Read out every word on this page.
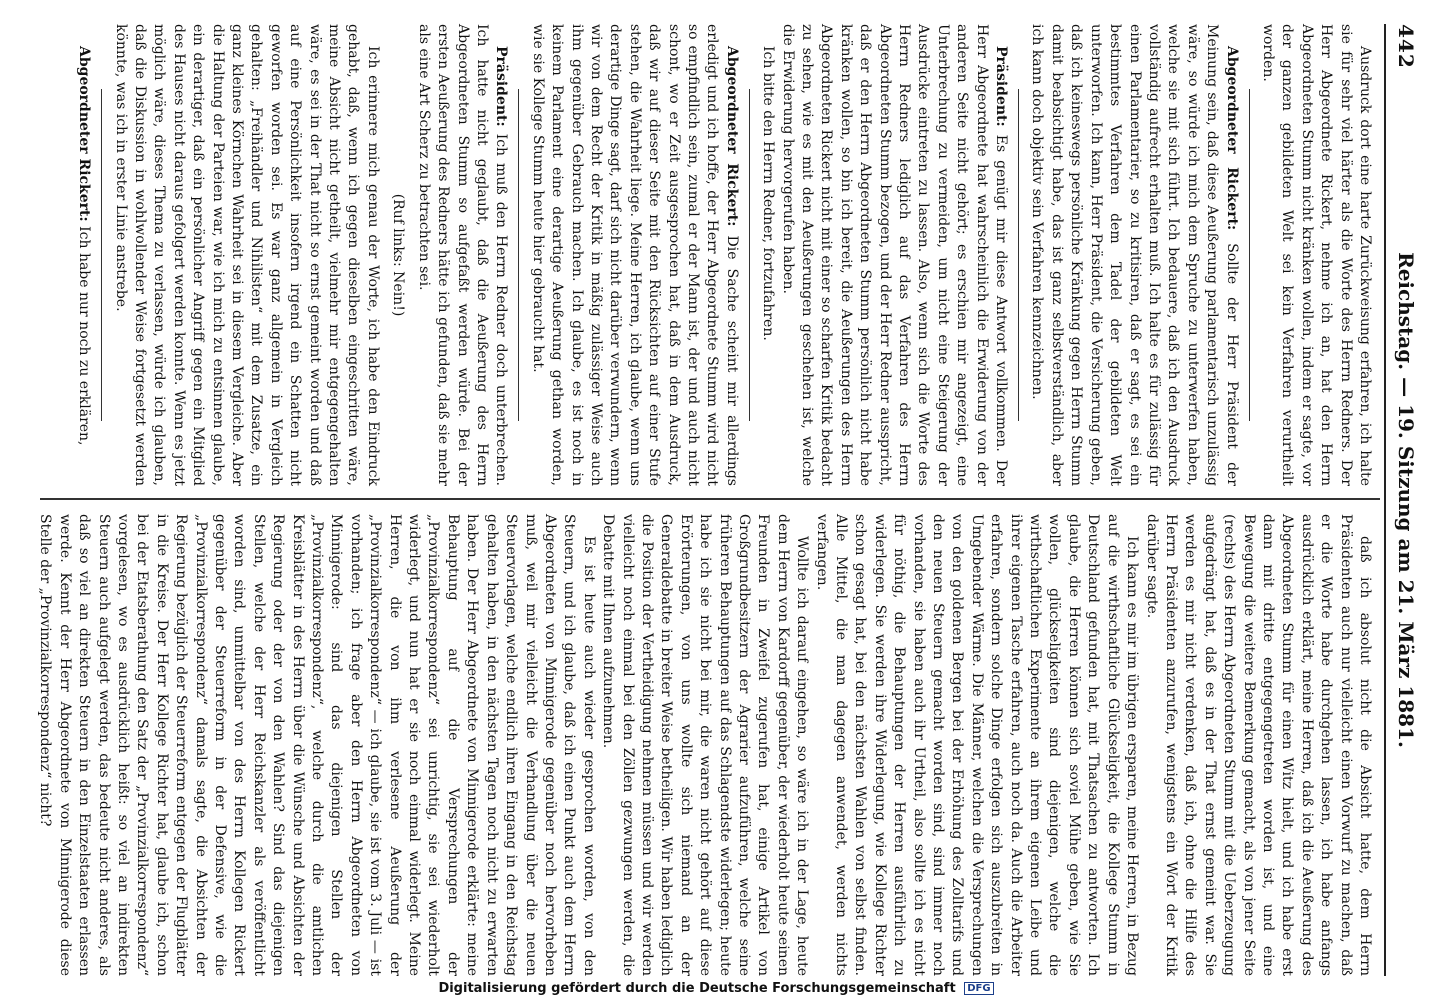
442
Reichstag. — 19. Sitzung am 21. März 1881.

Ausdruck dort eine harte Zurückweisung erfahren, ich halte sie für sehr viel härter als die Worte des Herrn Redners. Der Herr Abgeordnete Rickert, nehme ich an, hat den Herrn Abgeordneten Stumm nicht kränken wollen, indem er sagte, vor der ganzen gebildeten Welt sei kein Verfahren verurtheilt worden.

Abgeordneter Rickert: Sollte der Herr Präsident der Meinung sein, daß diese Aeußerung parlamentarisch unzulässig wäre, so würde ich mich dem Spruche zu unterwerfen haben, welche sie mit sich führt. Ich bedauere, daß ich den Ausdruck vollständig aufrecht erhalten muß. Ich halte es für zulässig für einen Parlamentarier, so zu kritisiren, daß er sagt, es sei ein bestimmtes Verfahren dem Tadel der gebildeten Welt unterworfen. Ich kann, Herr Präsident, die Versicherung geben, daß ich keineswegs persönliche Kränkung gegen Herrn Stumm damit beabsichtigt habe, das ist ganz selbstverständlich, aber ich kann doch objektiv sein Verfahren kennzeichnen.

Präsident: Es genügt mir diese Antwort vollkommen. Der Herr Abgeordnete hat wahrscheinlich die Erwiderung von der anderen Seite nicht gehört; es erschien mir angezeigt, eine Unterbrechung zu vermeiden, um nicht eine Steigerung der Ausdrücke eintreten zu lassen. Also, wenn sich die Worte des Herrn Redners lediglich auf das Verfahren des Herrn Abgeordneten Stumm bezogen, und der Herr Redner ausspricht, daß er den Herrn Abgeordneten Stumm persönlich nicht habe kränken wollen, so bin ich bereit, die Aeußerungen des Herrn Abgeordneten Rickert nicht mit einer so scharfen Kritik bedacht zu sehen, wie es mit den Aeußerungen geschehen ist, welche die Erwiderung hervorgerufen haben.

Ich bitte den Herrn Redner, fortzufahren.

Abgeordneter Rickert: Die Sache scheint mir allerdings erledigt und ich hoffe, der Herr Abgeordnete Stumm wird nicht so empfindlich sein, zumal er der Mann ist, der und auch nicht schont, wo er Zeit ausgesprochen hat, daß in dem Ausdruck, daß wir auf dieser Seite mit den Rücksichten auf einer Stufe stehen, die Wahrheit liege. Meine Herren, ich glaube, wenn uns derartige Dinge sagt, darf sich nicht darüber verwundern, wenn wir von dem Recht der Kritik in mäßig zulässiger Weise auch ihm gegenüber Gebrauch machen. Ich glaube, es ist noch in keinem Parlament eine derartige Aeußerung gethan worden, wie sie Kollege Stumm heute hier gebraucht hat.

Präsident: Ich muß den Herrn Redner doch unterbrechen. Ich hatte nicht geglaubt, daß die Aeußerung des Herrn Abgeordneten Stumm so aufgefaßt werden würde. Bei der ersten Aeußerung des Redners hätte ich gefunden, daß sie mehr als eine Art Scherz zu betrachten sei.

(Ruf links: Nein!)

Ich erinnere mich genau der Worte, ich habe den Eindruck gehabt, daß, wenn ich gegen dieselben eingeschritten wäre, meine Absicht nicht getheilt, vielmehr mir entgegengehalten wäre, es sei in der That nicht so ernst gemeint worden und daß auf eine Persönlichkeit insofern irgend ein Schatten nicht geworfen worden sei. Es war ganz allgemein in Vergleich gehalten: „Freihändler und Nihilisten“ mit dem Zusatze, ein ganz kleines Körnchen Wahrheit sei in diesem Vergleiche. Aber die Haltung der Parteien war, wie ich mich zu entsinnen glaube, ein derartiger, daß ein persönlicher Angriff gegen ein Mitglied des Hauses nicht daraus gefolgert werden konnte. Wenn es jetzt möglich wäre, dieses Thema zu verlassen, würde ich glauben, daß die Diskussion in wohlwollender Weise fortgesetzt werden könnte, was ich in erster Linie anstrebe.

Abgeordneter Rickert: Ich habe nur noch zu erklären,

daß ich absolut nicht die Absicht hatte, dem Herrn Präsidenten auch nur vielleicht einen Vorwurf zu machen, daß er die Worte habe durchgehen lassen, ich habe anfangs ausdrücklich erklärt, meine Herren, daß ich die Aeußerung des Abgeordneten Stumm für einen Witz hielt, und ich habe erst dann mit dritte entgegengetreten worden ist, und eine Bewegung die weitere Bemerkung gemacht, als von jener Seite (rechts) des Herrn Abgeordneten Stumm mit die Ueberzeugung aufgedrängt hat, daß es in der That ernst gemeint war. Sie werden es mir nicht verdenken, daß ich, ohne die Hilfe des Herrn Präsidenten anzurufen, wenigstens ein Wort der Kritik darüber sagte.

Ich kann es mir im übrigen ersparen, meine Herren, in Bezug auf die wirthschaftliche Glückseligkeit, die Kollege Stumm in Deutschland gefunden hat, mit Thatsachen zu antworten. Ich glaube, die Herren können sich soviel Mühe geben, wie Sie wollen, glückseligkeiten sind diejenigen, welche die wirthschaftlichen Experimente an ihrem eigenen Leibe und ihrer eigenen Tasche erfahren, auch noch da. Auch die Arbeiter erfahren, sondern solche Dinge erfolgen sich auszubreiten in Umgebender Wärme. Die Männer, welchen die Versprechungen von den goldenen Bergen bei der Erhöhung des Zolltarifs und den neuen Steuern gemacht worden sind, sind immer noch vorhanden, sie haben auch ihr Urtheil, also sollte ich es nicht für nöthig, die Behauptungen der Herren ausführlich zu widerlegen. Sie werden ihre Widerlegung, wie Kollege Richter schon gesagt hat, bei den nächsten Wahlen von selbst finden. Alle Mittel, die man dagegen anwendet, werden nichts verfangen.

Wollte ich darauf eingehen, so wäre ich in der Lage, heute dem Herrn von Kardorff gegenüber, der wiederholt heute seinen Freunden in Zweifel zugerufen hat, einige Artikel von Großgrundbesitzern der Agrarier aufzuführen, welche seine früheren Behauptungen auf das Schlagendste widerlegen; heute habe ich sie nicht bei mir, die waren nicht gehört auf diese Erörterungen, von uns wollte sich niemand an der Generaldebatte in breiter Weise betheiligen. Wir haben lediglich die Position der Vertheidigung nehmen müssen und wir werden vielleicht noch einmal bei den Zöllen gezwungen werden, die Debatte mit Ihnen aufzunehmen.

Es ist heute auch wieder gesprochen worden, von den Steuern, und ich glaube, daß ich einen Punkt auch dem Herrn Abgeordneten von Minnigerode gegenüber noch hervorheben muß, weil mir vielleicht die Verhandlung über die neuen Steuervorlagen, welche endlich ihren Eingang in den Reichstag gehalten haben, in den nächsten Tagen noch nicht zu erwarten haben. Der Herr Abgeordnete von Minnigerode erklärte: meine Behauptung auf die Versprechungen der „Provinzialkorrespondenz“ sei unrichtig, sie sei wiederholt widerlegt, und nun hat er sie noch einmal widerlegt. Meine Herren, die von ihm verlesene Aeußerung der „Provinzialkorrespondenz“ — ich glaube, sie ist vom 3. Juli — ist vorhanden; ich frage aber den Herrn Abgeordneten von Minnigerode: sind das diejenigen Stellen der „Provinzialkorrespondenz“, welche durch die amtlichen Kreisblätter in des Herrn über die Wünsche und Absichten der Regierung oder der von den Wahlen? Sind das diejenigen Stellen, welche der Herr Reichskanzler als veröffentlicht worden sind, unmittelbar von des Herrn Kollegen Rickert gegenüber der Steuerreform in der Defensive, wie die „Provinzialkorrespondenz“ damals sagte, die Absichten der Regierung bezüglich der Steuerreform entgegen der Flugblätter in die Kreise. Der Herr Kollege Richter hat, glaube ich, schon bei der Etatsberathung den Satz der „Provinzialkorrespondenz“ vorgelesen, wo es ausdrücklich heißt: so viel an indirekten Steuern auch aufgelegt werden, das bedeute nicht anderes, als daß so viel an direkten Steuern in den Einzelstaaten erlassen werde. Kennt der Herr Abgeordnete von Minnigerode diese Stelle der „Provinzialkorrespondenz“ nicht?

Digitalisierung gefördert durch die Deutsche Forschungsgemeinschaft DFG
